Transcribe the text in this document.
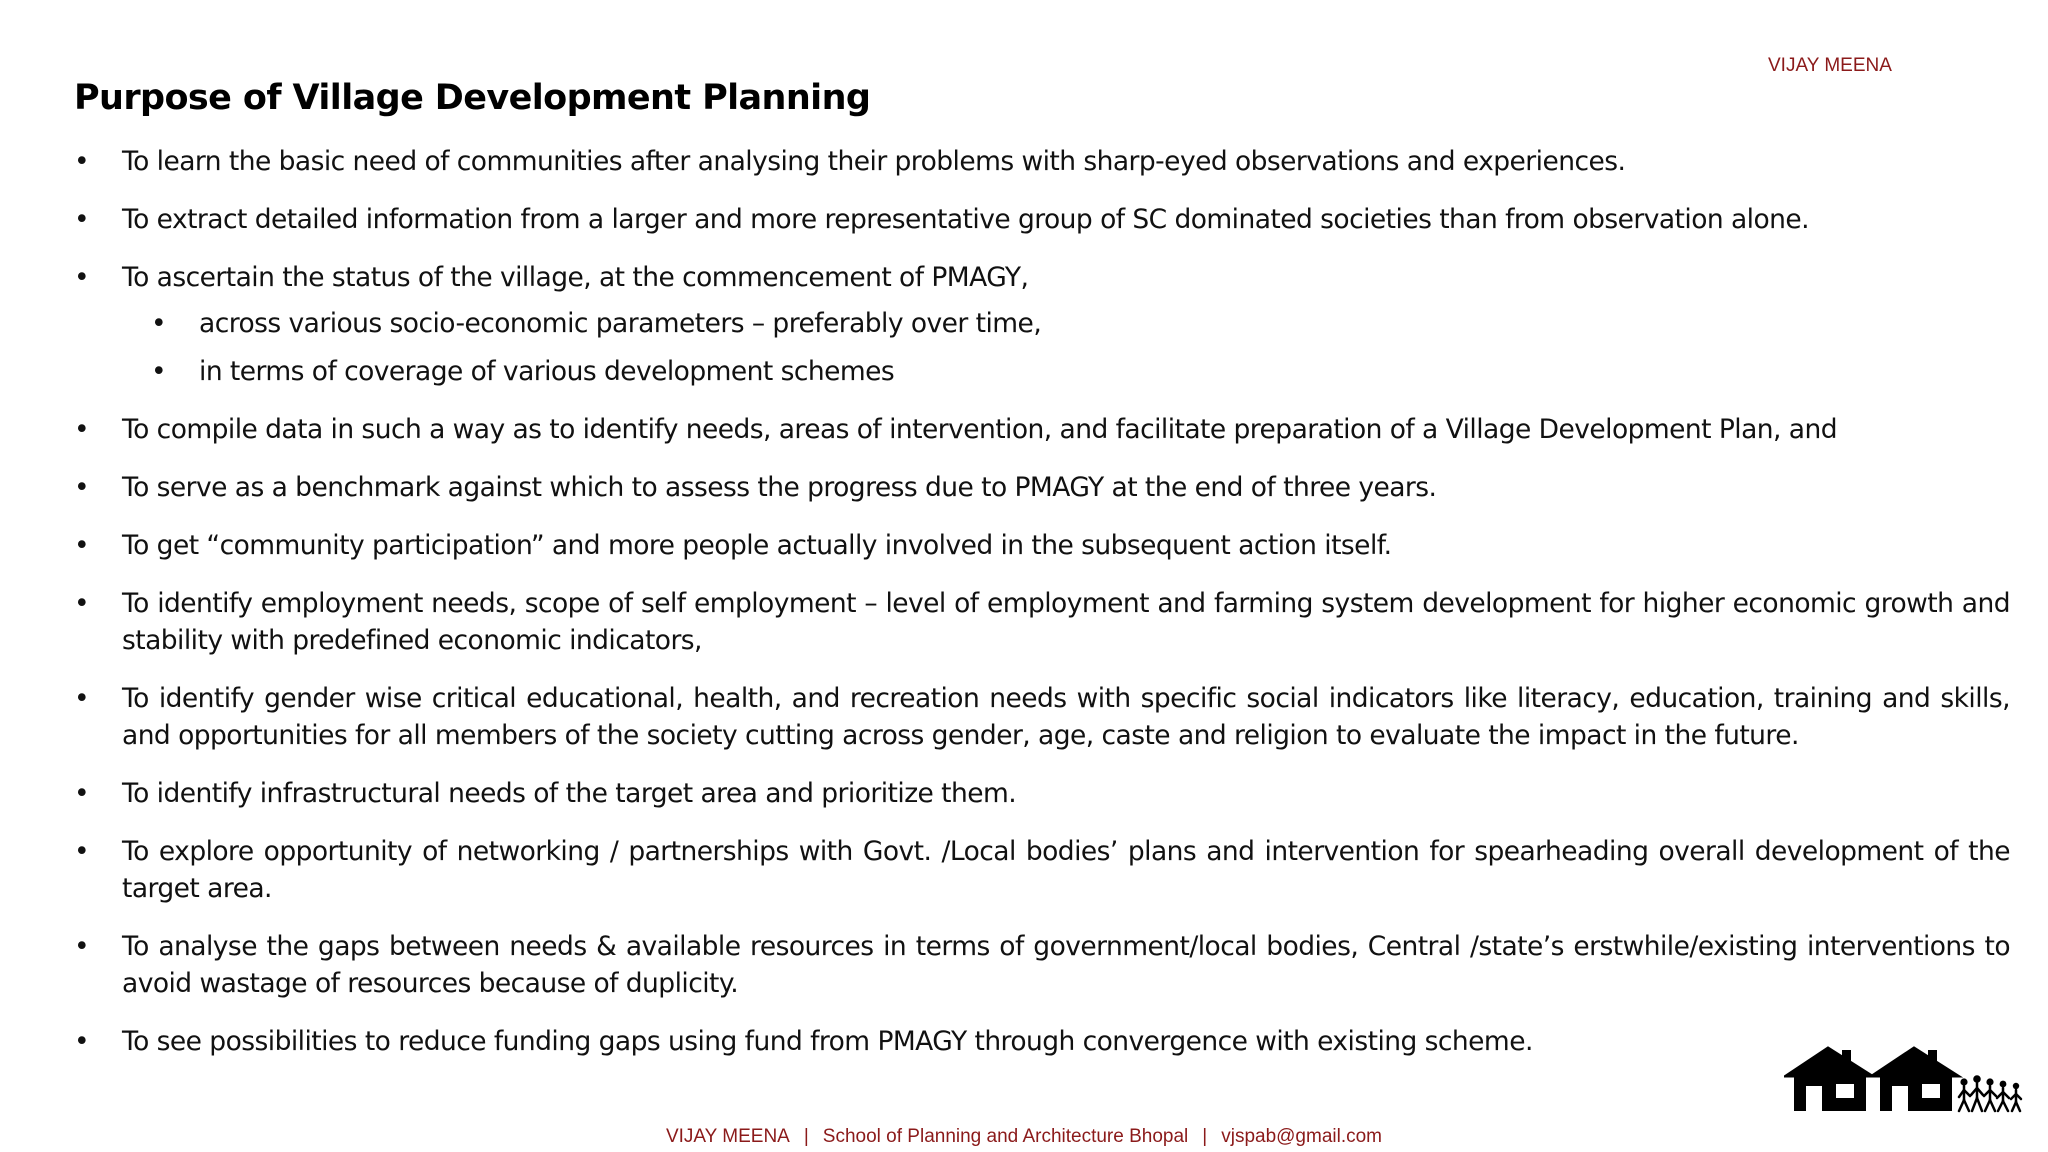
VIJAY MEENA
Purpose of Village Development Planning
• To learn the basic need of communities after analysing their problems with sharp-eyed observations and experiences.
• To extract detailed information from a larger and more representative group of SC dominated societies than from observation alone.
• To ascertain the status of the village, at the commencement of PMAGY,
• across various socio-economic parameters – preferably over time,
• in terms of coverage of various development schemes
• To compile data in such a way as to identify needs, areas of intervention, and facilitate preparation of a Village Development Plan, and
• To serve as a benchmark against which to assess the progress due to PMAGY at the end of three years.
• To get “community participation” and more people actually involved in the subsequent action itself.
• To identify employment needs, scope of self employment – level of employment and farming system development for higher economic growth and stability with predefined economic indicators,
• To identify gender wise critical educational, health, and recreation needs with specific social indicators like literacy, education, training and skills, and opportunities for all members of the society cutting across gender, age, caste and religion to evaluate the impact in the future.
• To identify infrastructural needs of the target area and prioritize them.
• To explore opportunity of networking / partnerships with Govt. /Local bodies’ plans and intervention for spearheading overall development of the target area.
• To analyse the gaps between needs & available resources in terms of government/local bodies, Central /state’s erstwhile/existing interventions to avoid wastage of resources because of duplicity.
• To see possibilities to reduce funding gaps using fund from PMAGY through convergence with existing scheme.
VIJAY MEENA | School of Planning and Architecture Bhopal | vjspab@gmail.com
